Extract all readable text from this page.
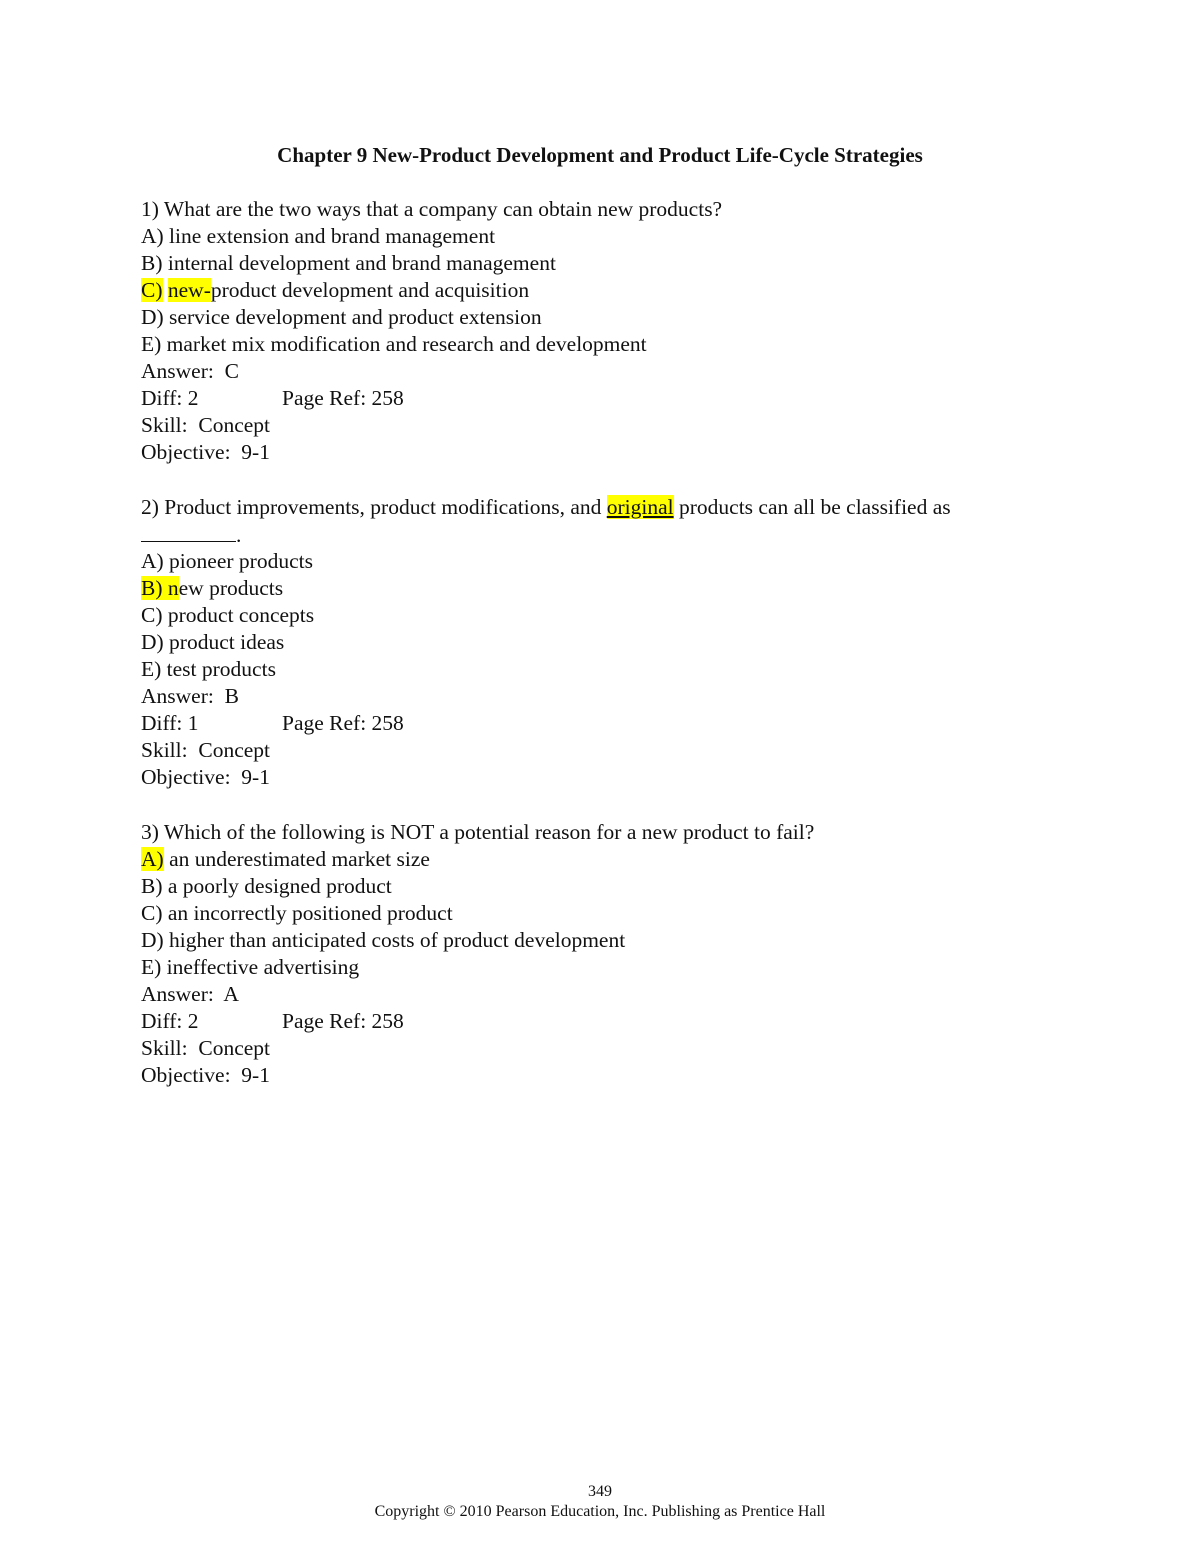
Chapter 9 New-Product Development and Product Life-Cycle Strategies
1) What are the two ways that a company can obtain new products?
A) line extension and brand management
B) internal development and brand management
C) new-product development and acquisition
D) service development and product extension
E) market mix modification and research and development
Answer:  C
Diff: 2	Page Ref: 258
Skill:  Concept
Objective:  9-1
2) Product improvements, product modifications, and original products can all be classified as
.
A) pioneer products
B) new products
C) product concepts
D) product ideas
E) test products
Answer:  B
Diff: 1	Page Ref: 258
Skill:  Concept
Objective:  9-1
3) Which of the following is NOT a potential reason for a new product to fail?
A) an underestimated market size
B) a poorly designed product
C) an incorrectly positioned product
D) higher than anticipated costs of product development
E) ineffective advertising
Answer:  A
Diff: 2	Page Ref: 258
Skill:  Concept
Objective:  9-1
349
Copyright © 2010 Pearson Education, Inc. Publishing as Prentice Hall
